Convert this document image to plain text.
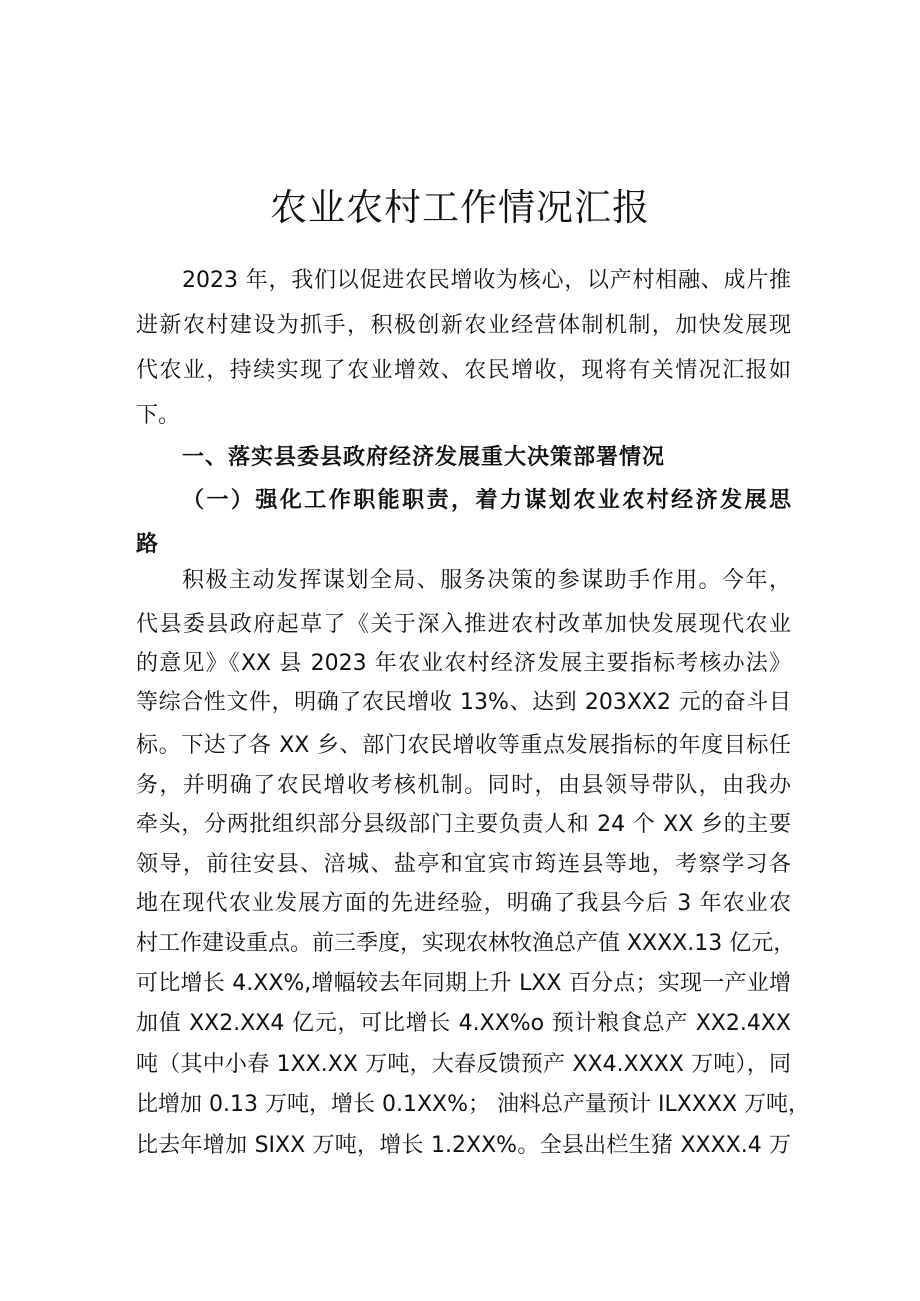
农业农村工作情况汇报
2023 年，我们以促进农民增收为核心，以产村相融、成片推
进新农村建设为抓手，积极创新农业经营体制机制，加快发展现
代农业，持续实现了农业增效、农民增收，现将有关情况汇报如
下。
一、落实县委县政府经济发展重大决策部署情况
（一）强化工作职能职责，着力谋划农业农村经济发展思
路
积极主动发挥谋划全局、服务决策的参谋助手作用。今年，
代县委县政府起草了《关于深入推进农村改革加快发展现代农业
的意见》《XX 县 2023 年农业农村经济发展主要指标考核办法》
等综合性文件，明确了农民增收 13%、达到 203XX2 元的奋斗目
标。下达了各 XX 乡、部门农民增收等重点发展指标的年度目标任
务，并明确了农民增收考核机制。同时，由县领导带队，由我办
牵头，分两批组织部分县级部门主要负责人和 24 个 XX 乡的主要
领导，前往安县、涪城、盐亭和宜宾市筠连县等地，考察学习各
地在现代农业发展方面的先进经验，明确了我县今后 3 年农业农
村工作建设重点。前三季度，实现农林牧渔总产值 XXXX.13 亿元，
可比增长 4.XX%,增幅较去年同期上升 LXX 百分点；实现一产业增
加值 XX2.XX4 亿元，可比增长 4.XX%o 预计粮食总产 XX2.4XX
吨（其中小春 1XX.XX 万吨，大春反馈预产 XX4.XXXX 万吨），同
比增加 0.13 万吨，增长 0.1XX%； 油料总产量预计 ILXXXX 万吨，
比去年增加 SIXX 万吨，增长 1.2XX%。全县出栏生猪 XXXX.4 万
